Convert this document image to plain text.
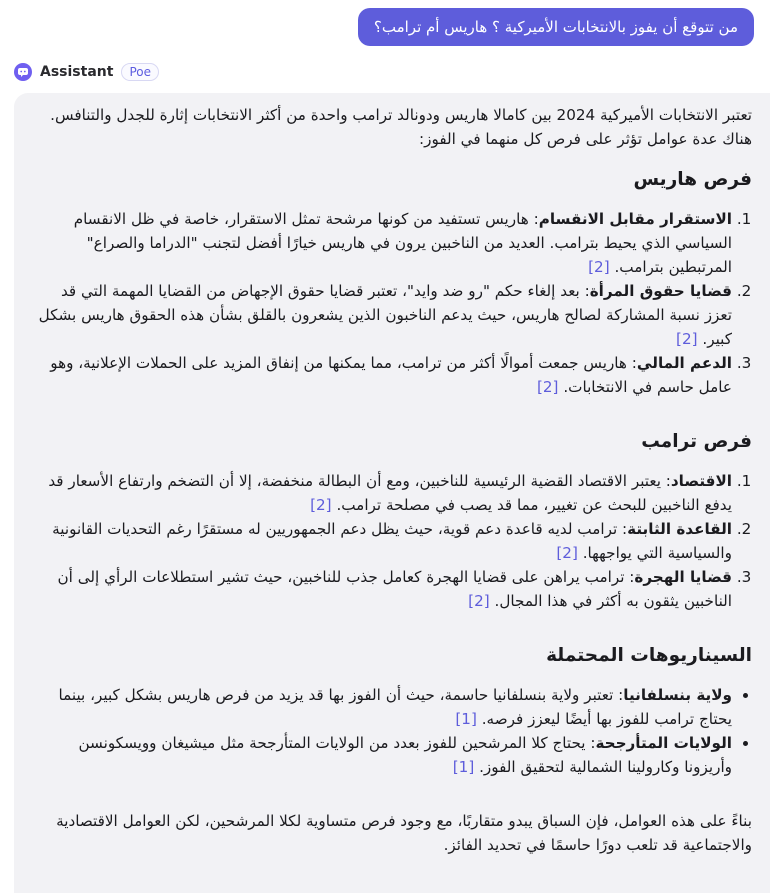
من تتوقع أن يفوز بالانتخابات الأميركية ؟ هاريس أم ترامب؟
Assistant	Poe

تعتبر الانتخابات الأميركية 2024 بين كامالا هاريس ودونالد ترامب واحدة من أكثر الانتخابات إثارة للجدل والتنافس. هناك عدة عوامل تؤثر على فرص كل منهما في الفوز:

فرص هاريس
1. الاستقرار مقابل الانقسام: هاريس تستفيد من كونها مرشحة تمثل الاستقرار، خاصة في ظل الانقسام السياسي الذي يحيط بترامب. العديد من الناخبين يرون في هاريس خيارًا أفضل لتجنب "الدراما والصراع" المرتبطين بترامب. [2]
2. قضايا حقوق المرأة: بعد إلغاء حكم "رو ضد وايد"، تعتبر قضايا حقوق الإجهاض من القضايا المهمة التي قد تعزز نسبة المشاركة لصالح هاريس، حيث يدعم الناخبون الذين يشعرون بالقلق بشأن هذه الحقوق هاريس بشكل كبير. [2]
3. الدعم المالي: هاريس جمعت أموالًا أكثر من ترامب، مما يمكنها من إنفاق المزيد على الحملات الإعلانية، وهو عامل حاسم في الانتخابات. [2]
فرص ترامب
1. الاقتصاد: يعتبر الاقتصاد القضية الرئيسية للناخبين، ومع أن البطالة منخفضة، إلا أن التضخم وارتفاع الأسعار قد يدفع الناخبين للبحث عن تغيير، مما قد يصب في مصلحة ترامب. [2]
2. القاعدة الثابتة: ترامب لديه قاعدة دعم قوية، حيث يظل دعم الجمهوريين له مستقرًا رغم التحديات القانونية والسياسية التي يواجهها. [2]
3. قضايا الهجرة: ترامب يراهن على قضايا الهجرة كعامل جذب للناخبين، حيث تشير استطلاعات الرأي إلى أن الناخبين يثقون به أكثر في هذا المجال. [2]
السيناريوهات المحتملة
• ولاية بنسلفانيا: تعتبر ولاية بنسلفانيا حاسمة، حيث أن الفوز بها قد يزيد من فرص هاريس بشكل كبير، بينما يحتاج ترامب للفوز بها أيضًا ليعزز فرصه. [1]
• الولايات المتأرجحة: يحتاج كلا المرشحين للفوز بعدد من الولايات المتأرجحة مثل ميشيغان وويسكونسن وأريزونا وكارولينا الشمالية لتحقيق الفوز. [1]

بناءً على هذه العوامل، فإن السباق يبدو متقاربًا، مع وجود فرص متساوية لكلا المرشحين، لكن العوامل الاقتصادية والاجتماعية قد تلعب دورًا حاسمًا في تحديد الفائز.
